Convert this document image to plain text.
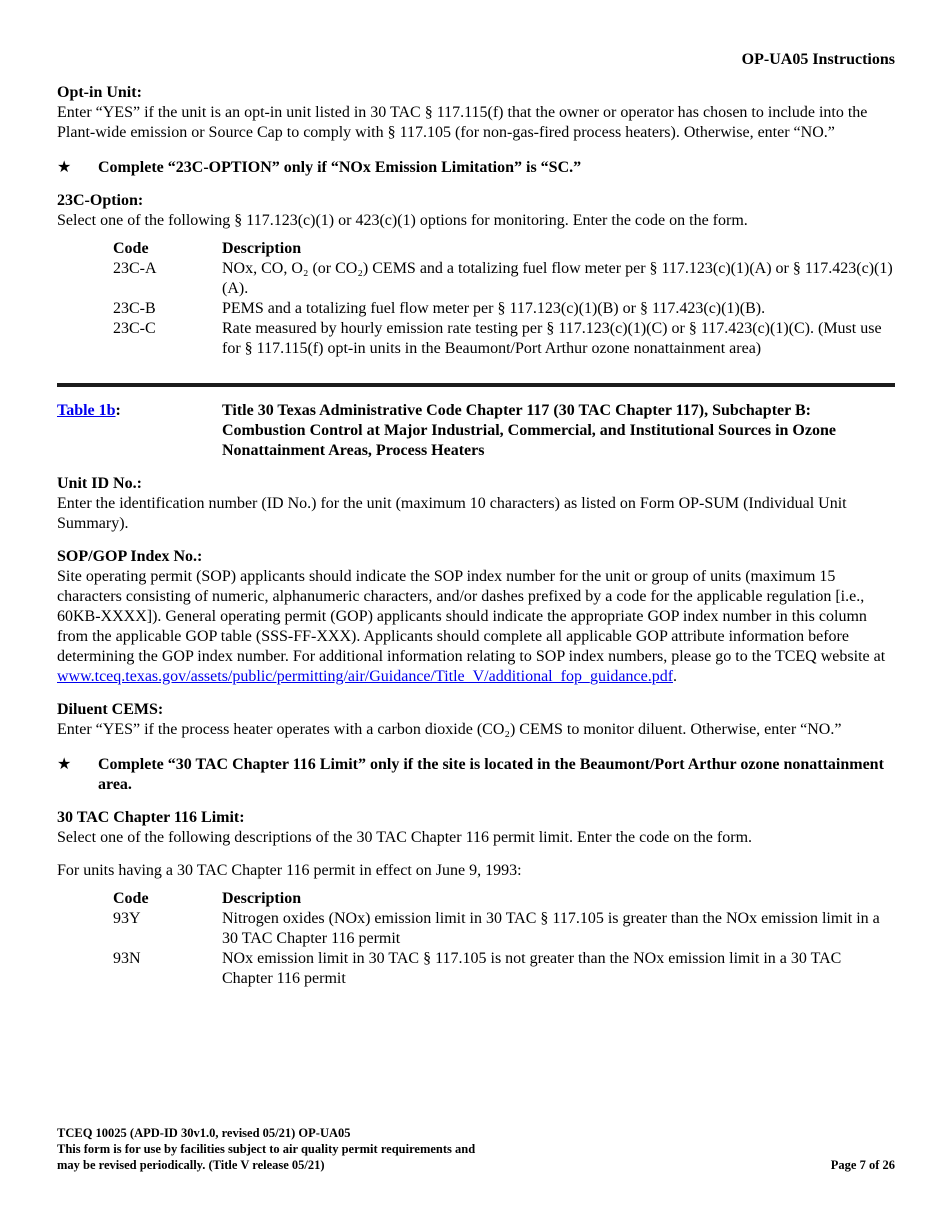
OP-UA05 Instructions
Opt-in Unit:

Enter “YES” if the unit is an opt-in unit listed in 30 TAC § 117.115(f) that the owner or operator has chosen to include into the Plant-wide emission or Source Cap to comply with § 117.105 (for non-gas-fired process heaters). Otherwise, enter “NO.”

★	Complete “23C-OPTION” only if “NOx Emission Limitation” is “SC.”
23C-Option:

Select one of the following § 117.123(c)(1) or 423(c)(1) options for monitoring. Enter the code on the form.

Code	Description
23C-A	NOx, CO, O₂ (or CO₂) CEMS and a totalizing fuel flow meter per § 117.123(c)(1)(A) or § 117.423(c)(1)(A).
23C-B	PEMS and a totalizing fuel flow meter per § 117.123(c)(1)(B) or § 117.423(c)(1)(B).
23C-C	Rate measured by hourly emission rate testing per § 117.123(c)(1)(C) or § 117.423(c)(1)(C). (Must use for § 117.115(f) opt-in units in the Beaumont/Port Arthur ozone nonattainment area)
Table 1b:	Title 30 Texas Administrative Code Chapter 117 (30 TAC Chapter 117), Subchapter B: Combustion Control at Major Industrial, Commercial, and Institutional Sources in Ozone Nonattainment Areas, Process Heaters
Unit ID No.:

Enter the identification number (ID No.) for the unit (maximum 10 characters) as listed on Form OP-SUM (Individual Unit Summary).

SOP/GOP Index No.:

Site operating permit (SOP) applicants should indicate the SOP index number for the unit or group of units (maximum 15 characters consisting of numeric, alphanumeric characters, and/or dashes prefixed by a code for the applicable regulation [i.e., 60KB-XXXX]). General operating permit (GOP) applicants should indicate the appropriate GOP index number in this column from the applicable GOP table (SSS-FF-XXX). Applicants should complete all applicable GOP attribute information before determining the GOP index number. For additional information relating to SOP index numbers, please go to the TCEQ website at www.tceq.texas.gov/assets/public/permitting/air/Guidance/Title_V/additional_fop_guidance.pdf.

Diluent CEMS:

Enter “YES” if the process heater operates with a carbon dioxide (CO₂) CEMS to monitor diluent. Otherwise, enter “NO.”

★	Complete “30 TAC Chapter 116 Limit” only if the site is located in the Beaumont/Port Arthur ozone nonattainment area.
30 TAC Chapter 116 Limit:

Select one of the following descriptions of the 30 TAC Chapter 116 permit limit. Enter the code on the form.

For units having a 30 TAC Chapter 116 permit in effect on June 9, 1993:

Code	Description
93Y	Nitrogen oxides (NOx) emission limit in 30 TAC § 117.105 is greater than the NOx emission limit in a 30 TAC Chapter 116 permit
93N	NOx emission limit in 30 TAC § 117.105 is not greater than the NOx emission limit in a 30 TAC Chapter 116 permit
TCEQ 10025 (APD-ID 30v1.0, revised 05/21) OP-UA05
This form is for use by facilities subject to air quality permit requirements and
may be revised periodically. (Title V release 05/21)	Page 7 of 26
